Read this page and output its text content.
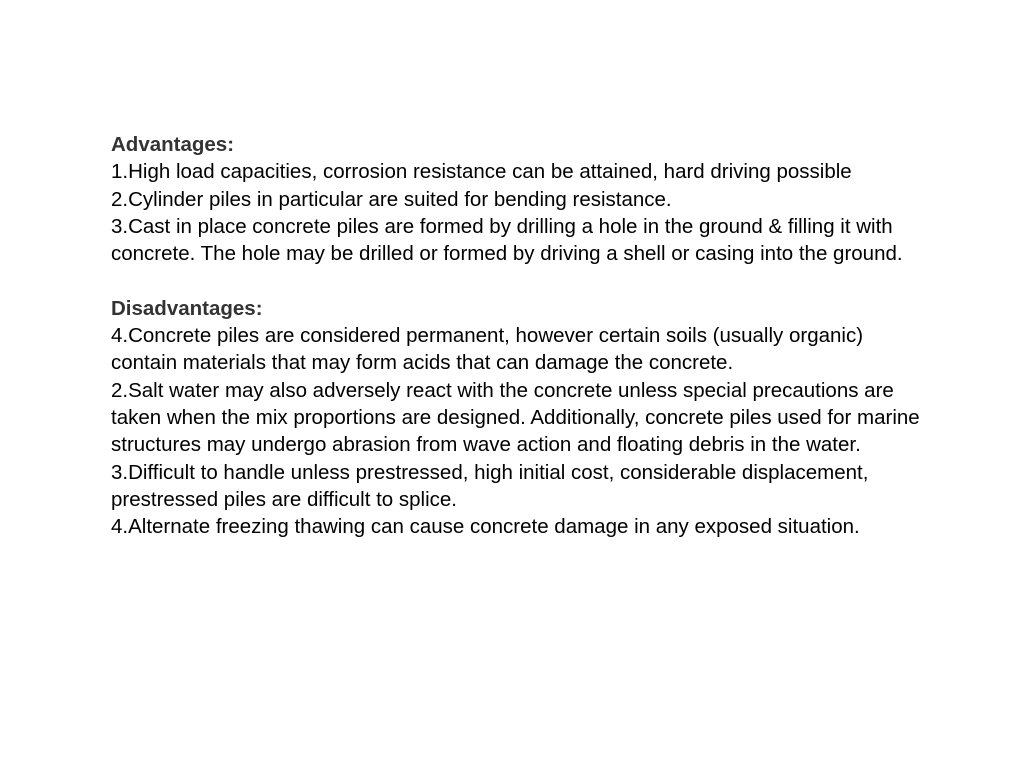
Advantages:

1.High load capacities, corrosion resistance can be attained, hard driving possible

2.Cylinder piles in particular are suited for bending resistance.

3.Cast in place concrete piles are formed by drilling a hole in the ground & filling it with concrete. The hole may be drilled or formed by driving a shell or casing into the ground.

Disadvantages:

4.Concrete piles are considered permanent, however certain soils (usually organic) contain materials that may form acids that can damage the concrete.

2.Salt water may also adversely react with the concrete unless special precautions are taken when the mix proportions are designed. Additionally, concrete piles used for marine structures may undergo abrasion from wave action and floating debris in the water.

3.Difficult to handle unless prestressed, high initial cost, considerable displacement, prestressed piles are difficult to splice.

4.Alternate freezing thawing can cause concrete damage in any exposed situation.
